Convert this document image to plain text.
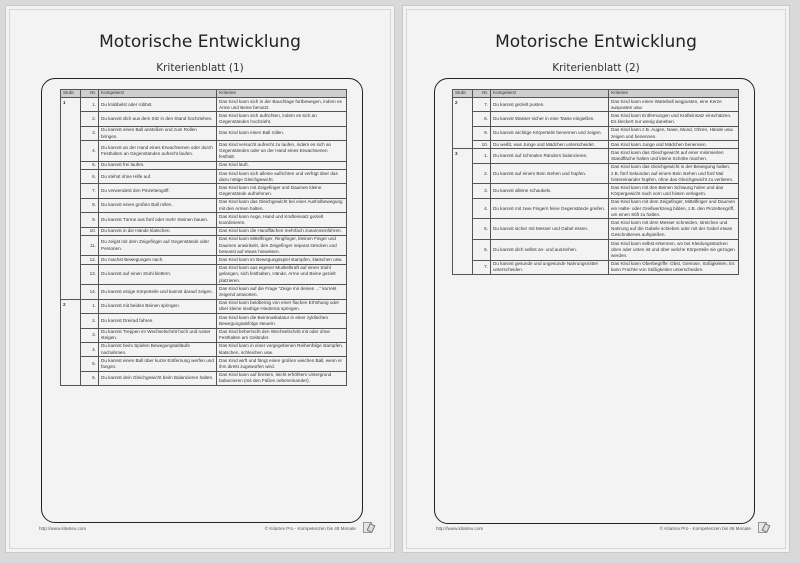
Motorische Entwicklung
Kriterienblatt (1)
Stufe	Nr.	Kompetenz	Kriterien
1	1.	Du krabbelst oder robbst.	Das Kind kann sich in der Bauchlage fortbewegen, indem es Arme und Beine benutzt.
	2.	Du kannst dich aus dem Sitz in den Stand hochziehen.	Das Kind kann sich aufrichten, indem es sich an Gegenständen hochzieht.
	3.	Du kannst einen Ball anstoßen und zum Rollen bringen.	Das Kind kann einen Ball rollen.
	4.	Du kannst an der Hand eines Erwachsenen oder durch Festhalten an Gegenständen aufrecht laufen.	Das Kind versucht aufrecht zu laufen, indem es sich an Gegenständen oder an der Hand eines Erwachsenen festhält.
	5.	Du kannst frei laufen.	Das Kind läuft.
	6.	Du stehst ohne Hilfe auf.	Das Kind kann sich alleine aufrichten und verfügt über das dazu nötige Gleichgewicht.
	7.	Du verwendest den Pinzettengriff.	Das Kind kann mit Zeigefinger und Daumen kleine Gegenstände aufnehmen.
	8.	Du kannst einen großen Ball rollen.	Das Kind kann das Gleichgewicht bei einer Ausholbewegung mit den Armen halten.
	9.	Du kannst Türme aus fünf oder mehr Steinen bauen.	Das Kind kann Auge, Hand und Krafteinsatz gezielt koordinieren.
	10.	Du kannst in die Hände klatschen.	Das Kind kann die Handflächen mehrfach zusammenführen.
	11.	Du zeigst mit dem Zeigefinger auf Gegenstände oder Personen.	Das Kind kann Mittelfinger, Ringfinger, kleinen Finger und Daumen anwinkeln, den Zeigefinger separat strecken und bewusst auf etwas hinweisen.
	12.	Du machst Bewegungen nach.	Das Kind kann im Bewegungsspiel stampfen, klatschen usw.
	13.	Du kannst auf einen Stuhl klettern.	Das Kind kann aus eigener Muskelkraft auf einen Stuhl gelangen, sich festhalten, Hände, Arme und Beine gezielt platzieren.
	14.	Du kannst einige Körperteile und kannst darauf zeigen.	Das Kind kann auf die Frage "Zeige mir deinen ..." korrekt zeigend antworten.
2	1.	Du kannst mit beiden Beinen springen.	Das Kind kann beidbeinig von einer flachen Erhöhung oder über kleine niedrige Hindernis springen.
	2.	Du kannst Dreirad fahren.	Das Kind kann die Beinmuskulatur in einer zyklischen Bewegungsabfolge steuern.
	3.	Du kannst Treppen im Wechselschritt hoch und runter steigen.	Das Kind beherrscht den Wechselschritt mit oder ohne Festhalten am Geländer.
	4.	Du kannst beim Spielen Bewegungsabläufe nachahmen.	Das Kind kann in einer vorgegebenen Reihenfolge stampfen, klatschen, schleichen usw.
	5.	Du kannst einen Ball über kurze Entfernung werfen und fangen.	Das Kind wirft und fängt einen großen weichen Ball, wenn er ihm direkt zugeworfen wird.
	6.	Du kannst dein Gleichgewicht beim Balancieren halten.	Das Kind kann auf breitem, leicht erhöhtem Untergrund balancieren (mit den Füßen nebeneinander).
http://www.kitatrex.com	© Kitatrex Pro - Kompetenzen bis 48 Monate
Motorische Entwicklung
Kriterienblatt (2)
Stufe	Nr.	Kompetenz	Kriterien
2	7.	Du kannst gezielt pusten.	Das Kind kann einen Watteball wegpusten, eine Kerze auspusten usw.
	8.	Du kannst Wasser sicher in eine Tasse eingießen.	Das Kind kann Entfernungen und Krafteinsatz einschätzen. Es kleckert nur wenig daneben.
	9.	Du kannst wichtige Körperteile benennen und zeigen.	Das Kind kann z.B. Augen, Nase, Mund, Ohren, Hände usw. zeigen und benennen.
	10.	Du weißt, was Junge und Mädchen unterscheidet.	Das Kind kann Junge und Mädchen benennen.
3	1.	Du kannst auf schmalen Rändern balancieren.	Das Kind kann das Gleichgewicht auf einer minimierten Standfläche halten und kleine Schritte machen.
	2.	Du kannst auf einem Bein stehen und hüpfen.	Das Kind kann das Gleichgewicht in der Bewegung halten, z.B. fünf Sekunden auf einem Bein stehen und fünf Mal hintereinander hüpfen, ohne das Gleichgewicht zu verlieren.
	3.	Du kannst alleine schaukeln.	Das Kind kann mit den Beinen Schwung holen und das Körpergewicht nach vorn und hinten verlagern.
	4.	Du kannst mit zwei Fingern feine Gegenstände greifen.	Das Kind kann mit dem Zeigefinger, Mittelfinger und Daumen ein Halte- oder Greifwerkzeug bilden, z.B. den Pinzettengriff, um einen Stift zu halten.
	5.	Du kannst sicher mit Messer und Gabel essen.	Das Kind kann mit dem Messer schneiden, streichen und Nahrung auf die Gabele schieben oder mit der Gabel etwas Geschnittenes aufspießen.
	6.	Du kannst dich selbst an- und ausziehen.	Das Kind kann selbst erkennen, wo bei Kleidungsstücken oben oder unten ist und über welche Körperteile sie gezogen werden.
	7.	Du kannst gesunde und ungesunde Nahrungsmittel unterscheiden.	Das Kind kann Oberbegriffe: Obst, Gemüse, Süßigkeiten. Es kann Früchte von Süßigkeiten unterscheiden.
http://www.kitatrex.com	© Kitatrex Pro - Kompetenzen bis 48 Monate
